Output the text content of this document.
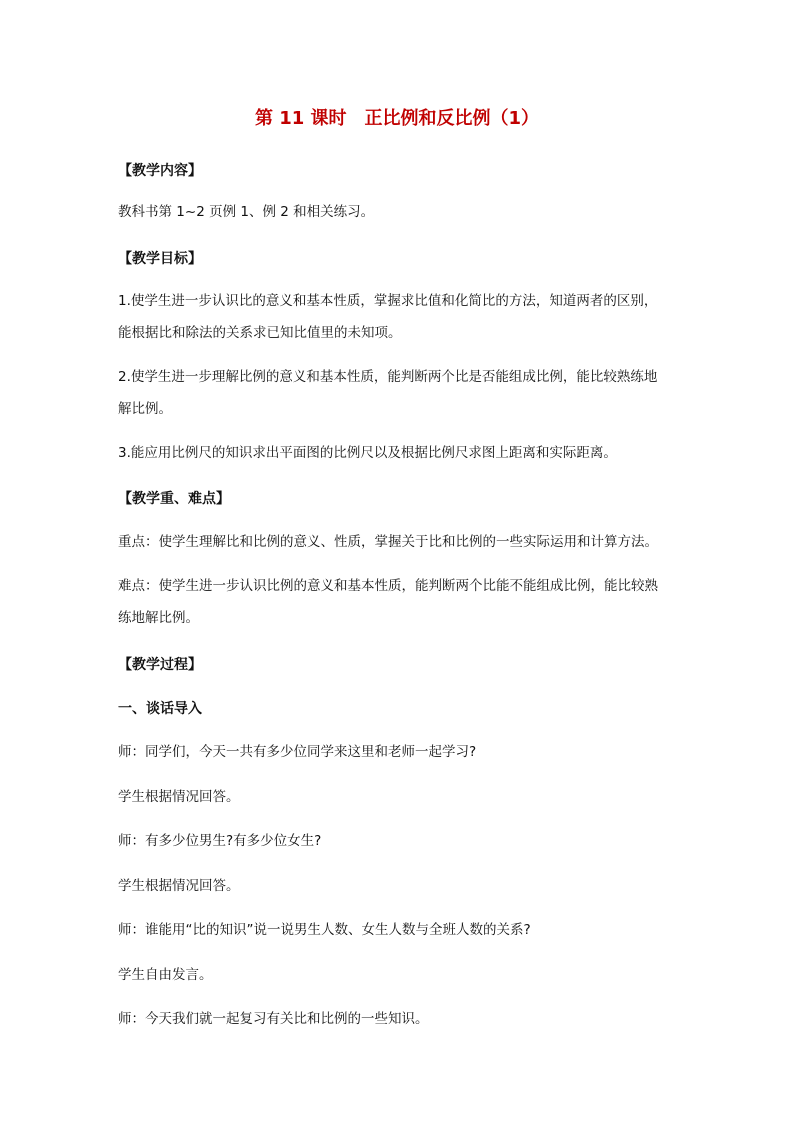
第 11 课时　正比例和反比例（1）
【教学内容】
教科书第 1~2 页例 1、例 2 和相关练习。
【教学目标】
1.使学生进一步认识比的意义和基本性质，掌握求比值和化简比的方法，知道两者的区别，
能根据比和除法的关系求已知比值里的未知项。
2.使学生进一步理解比例的意义和基本性质，能判断两个比是否能组成比例，能比较熟练地
解比例。
3.能应用比例尺的知识求出平面图的比例尺以及根据比例尺求图上距离和实际距离。
【教学重、难点】
重点：使学生理解比和比例的意义、性质，掌握关于比和比例的一些实际运用和计算方法。
难点：使学生进一步认识比例的意义和基本性质，能判断两个比能不能组成比例，能比较熟
练地解比例。
【教学过程】
一、谈话导入
师：同学们，今天一共有多少位同学来这里和老师一起学习?
学生根据情况回答。
师：有多少位男生?有多少位女生?
学生根据情况回答。
师：谁能用“比的知识”说一说男生人数、女生人数与全班人数的关系?
学生自由发言。
师：今天我们就一起复习有关比和比例的一些知识。
